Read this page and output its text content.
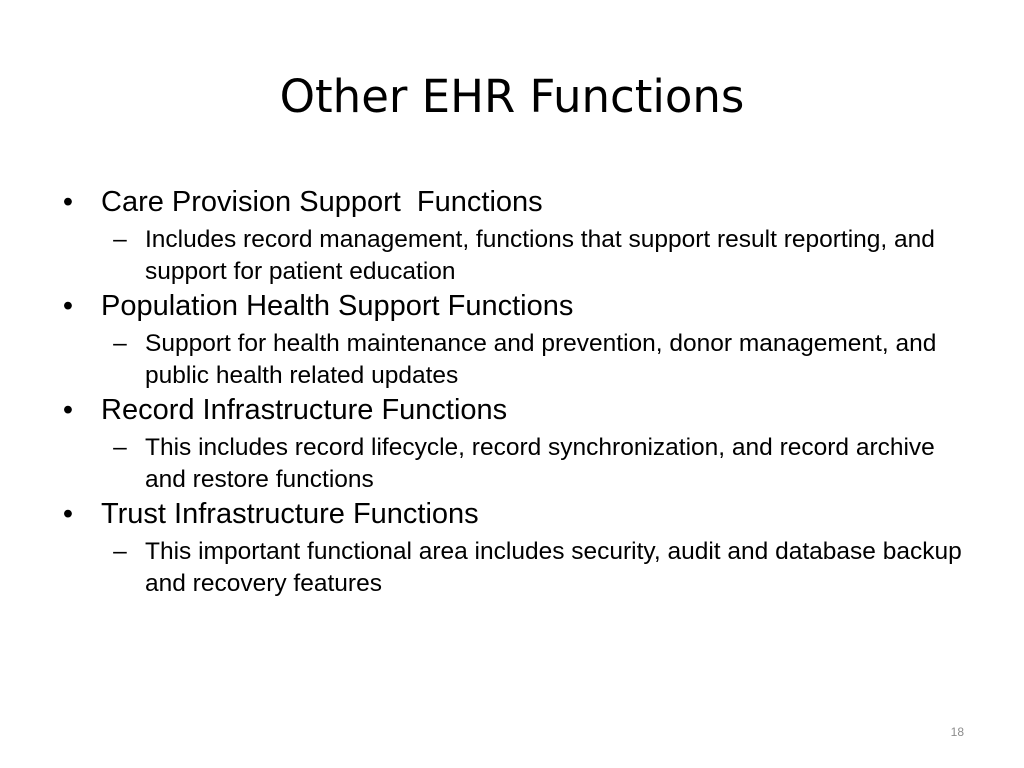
Other EHR Functions
• Care Provision Support  Functions
– Includes record management, functions that support result reporting, and support for patient education
• Population Health Support Functions
– Support for health maintenance and prevention, donor management, and public health related updates
• Record Infrastructure Functions
– This includes record lifecycle, record synchronization, and record archive and restore functions
• Trust Infrastructure Functions
– This important functional area includes security, audit and database backup and recovery features
18
